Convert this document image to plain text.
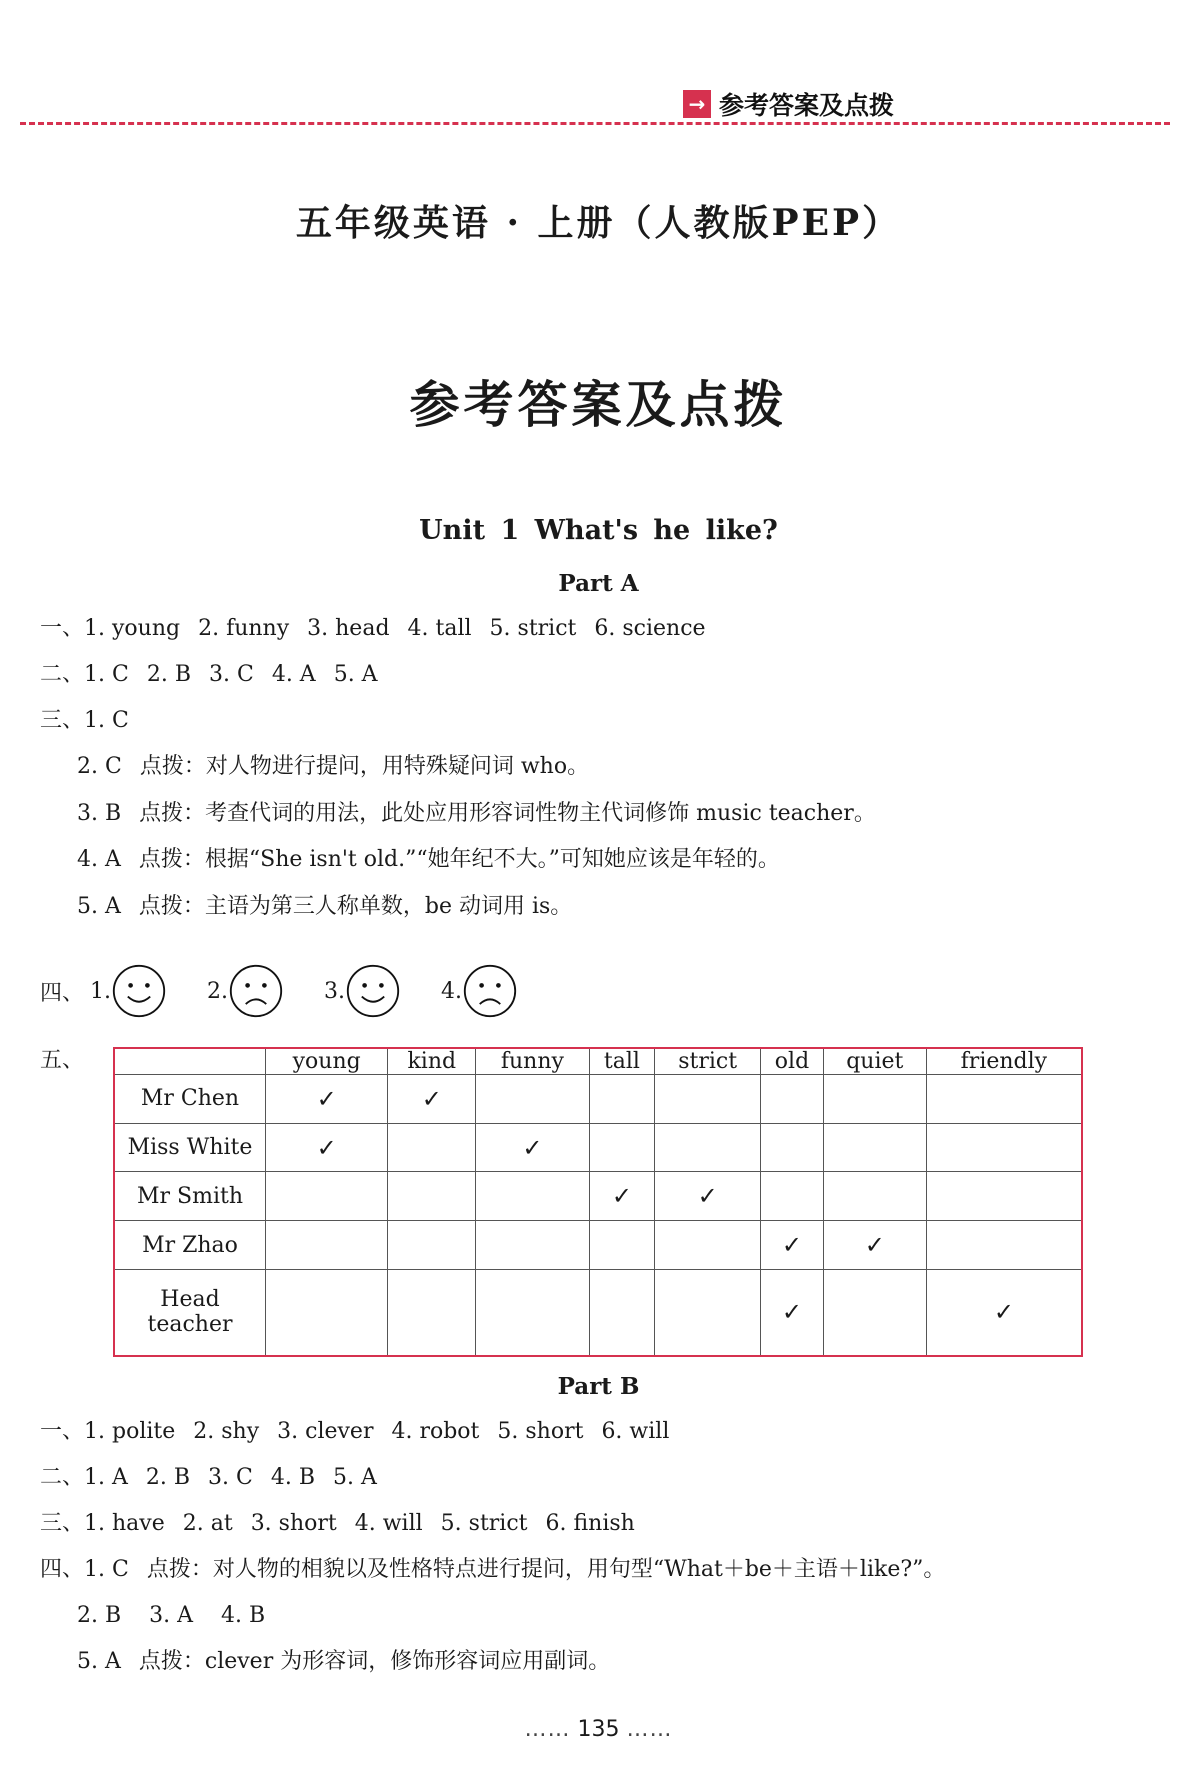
→ 参考答案及点拨
五年级英语 · 上册（人教版PEP）
参考答案及点拨
Unit 1 What's he like?
Part A
一、1. young 2. funny 3. head 4. tall 5. strict 6. science
二、1. C 2. B 3. C 4. A 5. A
三、1. C
2. C 点拨：对人物进行提问，用特殊疑问词 who。
3. B 点拨：考查代词的用法，此处应用形容词性物主代词修饰 music teacher。
4. A 点拨：根据“She isn't old.”“她年纪不大。”可知她应该是年轻的。
5. A 点拨：主语为第三人称单数，be 动词用 is。
四、 1.	2.	3.	4.
五、
		young	kind	funny	tall	strict	old	quiet	friendly
Mr Chen	✓	✓						
Miss White	✓		✓					
Mr Smith				✓	✓			
Mr Zhao						✓	✓	
Head teacher						✓		✓
Part B
一、1. polite 2. shy 3. clever 4. robot 5. short 6. will
二、1. A 2. B 3. C 4. B 5. A
三、1. have 2. at 3. short 4. will 5. strict 6. finish
四、1. C 点拨：对人物的相貌以及性格特点进行提问，用句型“What＋be＋主语＋like?”。
2. B    3. A    4. B
5. A 点拨：clever 为形容词，修饰形容词应用副词。
…… 135 ……
